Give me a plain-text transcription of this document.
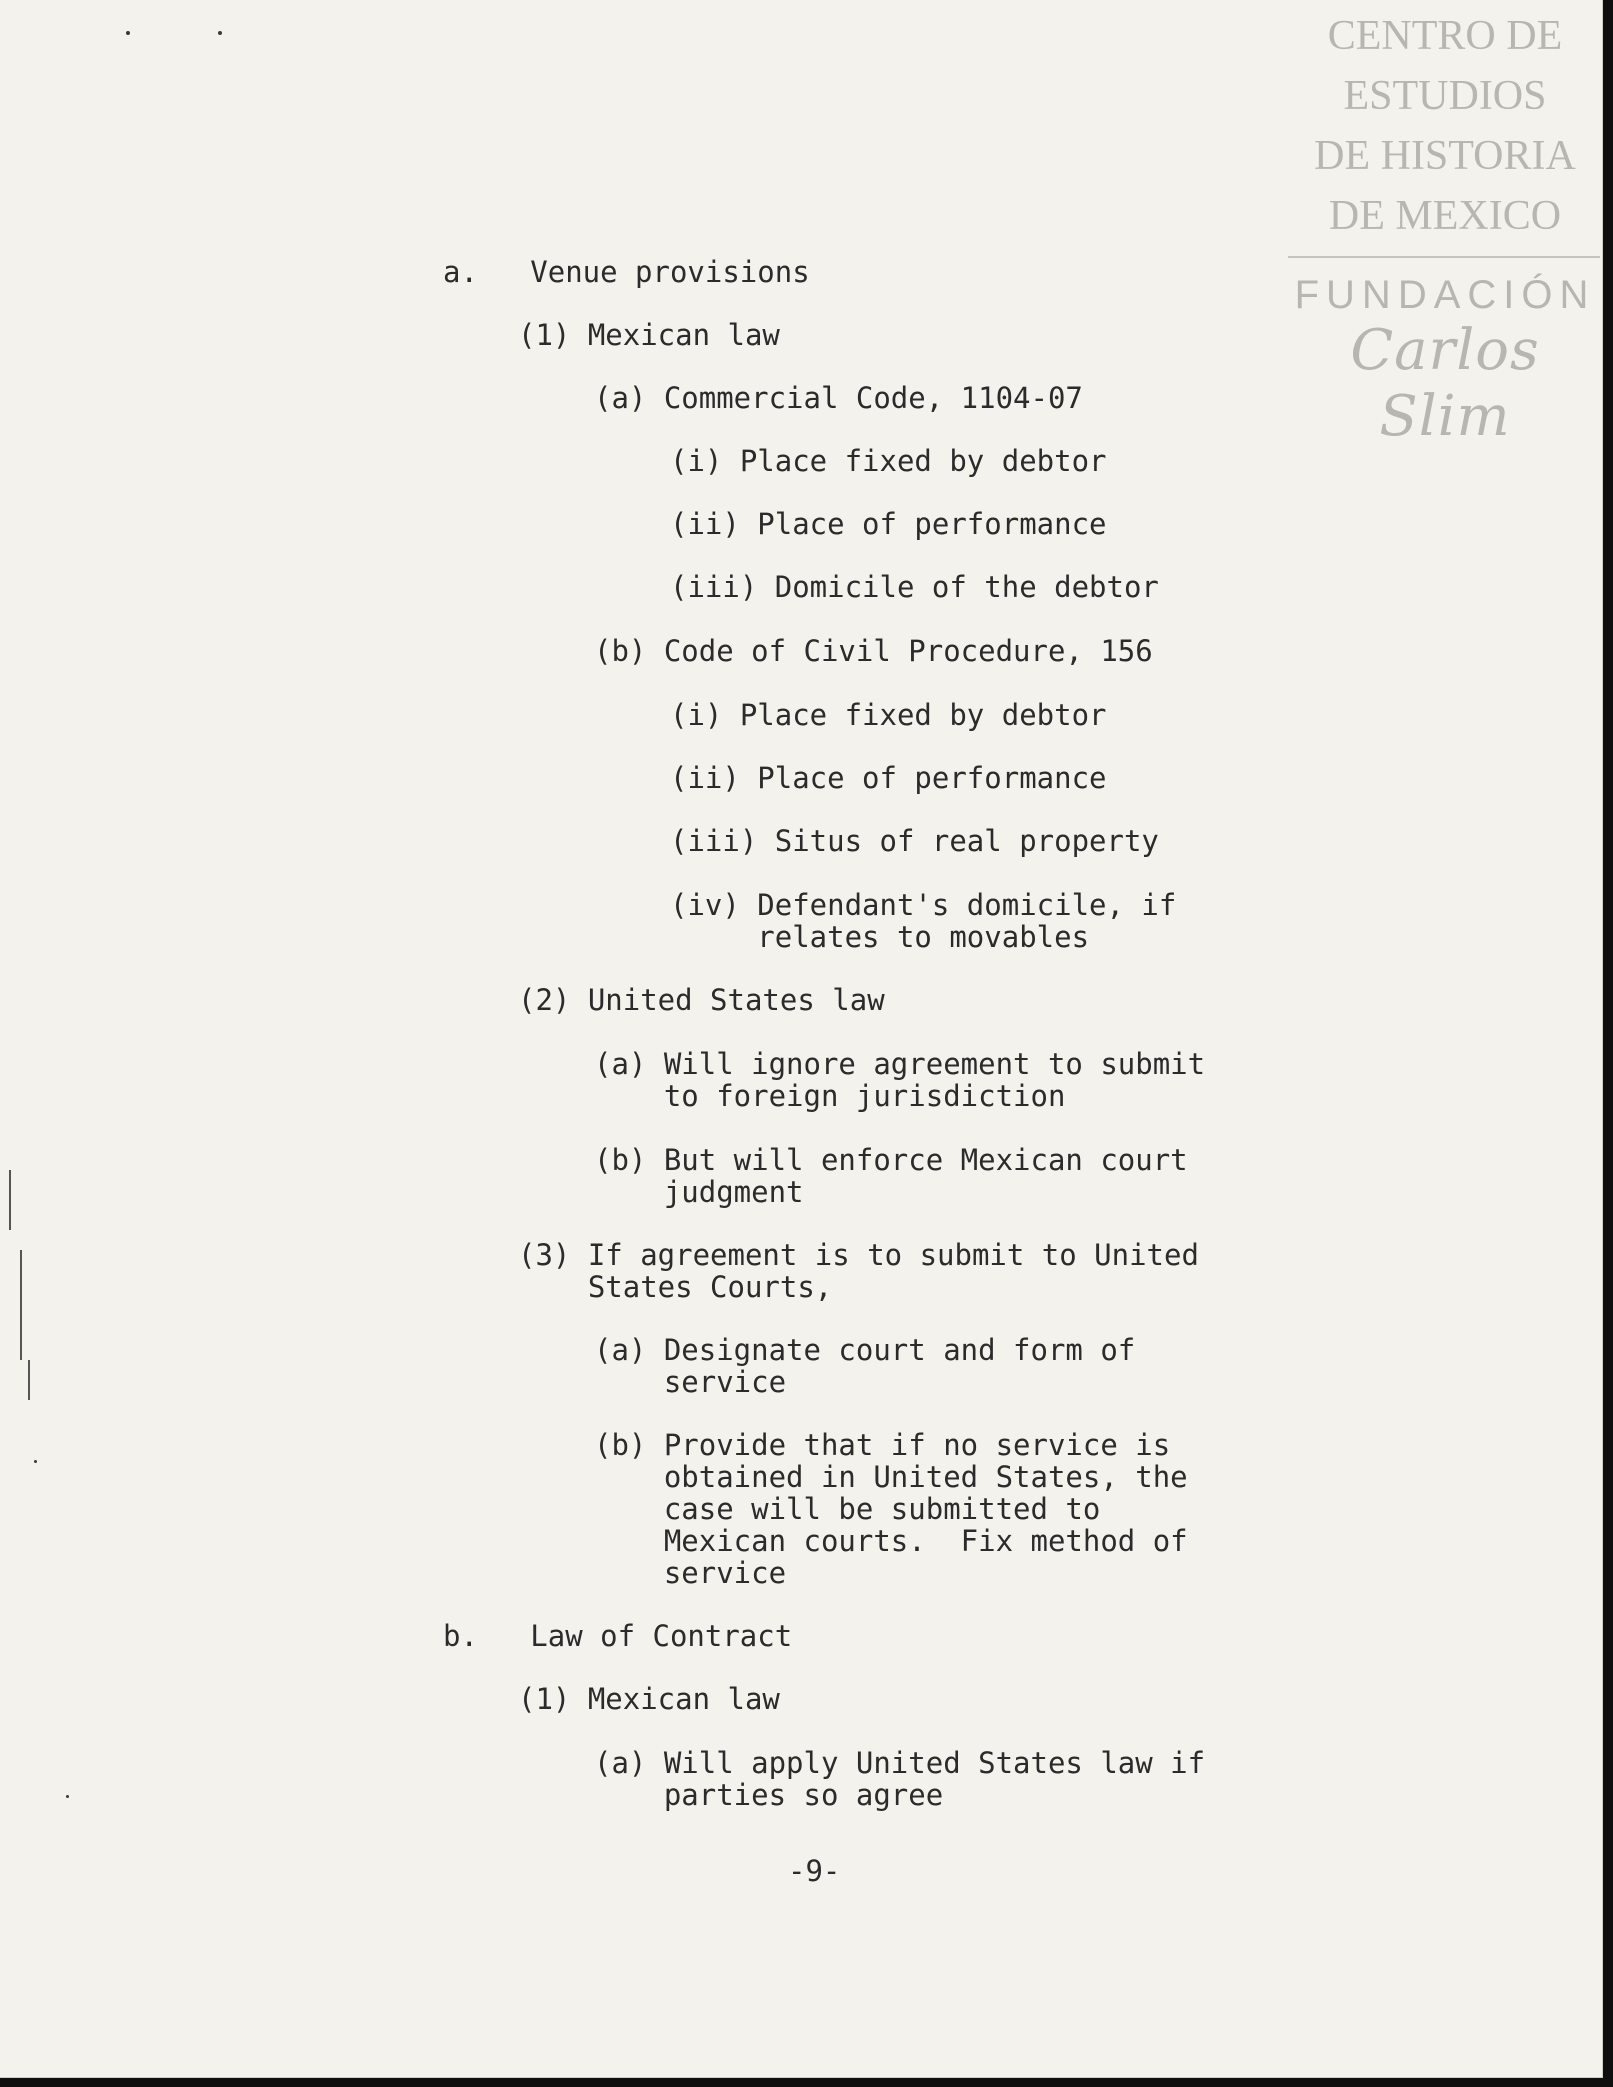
CENTRO DE
ESTUDIOS
DE HISTORIA
DE MEXICO
FUNDACIÓN
Carlos Slim
a.   Venue provisions
(1) Mexican law
(a) Commercial Code, 1104-07
(i) Place fixed by debtor
(ii) Place of performance
(iii) Domicile of the debtor
(b) Code of Civil Procedure, 156
(i) Place fixed by debtor
(ii) Place of performance
(iii) Situs of real property
(iv) Defendant's domicile, if
relates to movables
(2) United States law
(a) Will ignore agreement to submit
to foreign jurisdiction
(b) But will enforce Mexican court
judgment
(3) If agreement is to submit to United
States Courts,
(a) Designate court and form of
service
(b) Provide that if no service is
obtained in United States, the
case will be submitted to
Mexican courts.  Fix method of
service
b.   Law of Contract
(1) Mexican law
(a) Will apply United States law if
parties so agree
-9-
